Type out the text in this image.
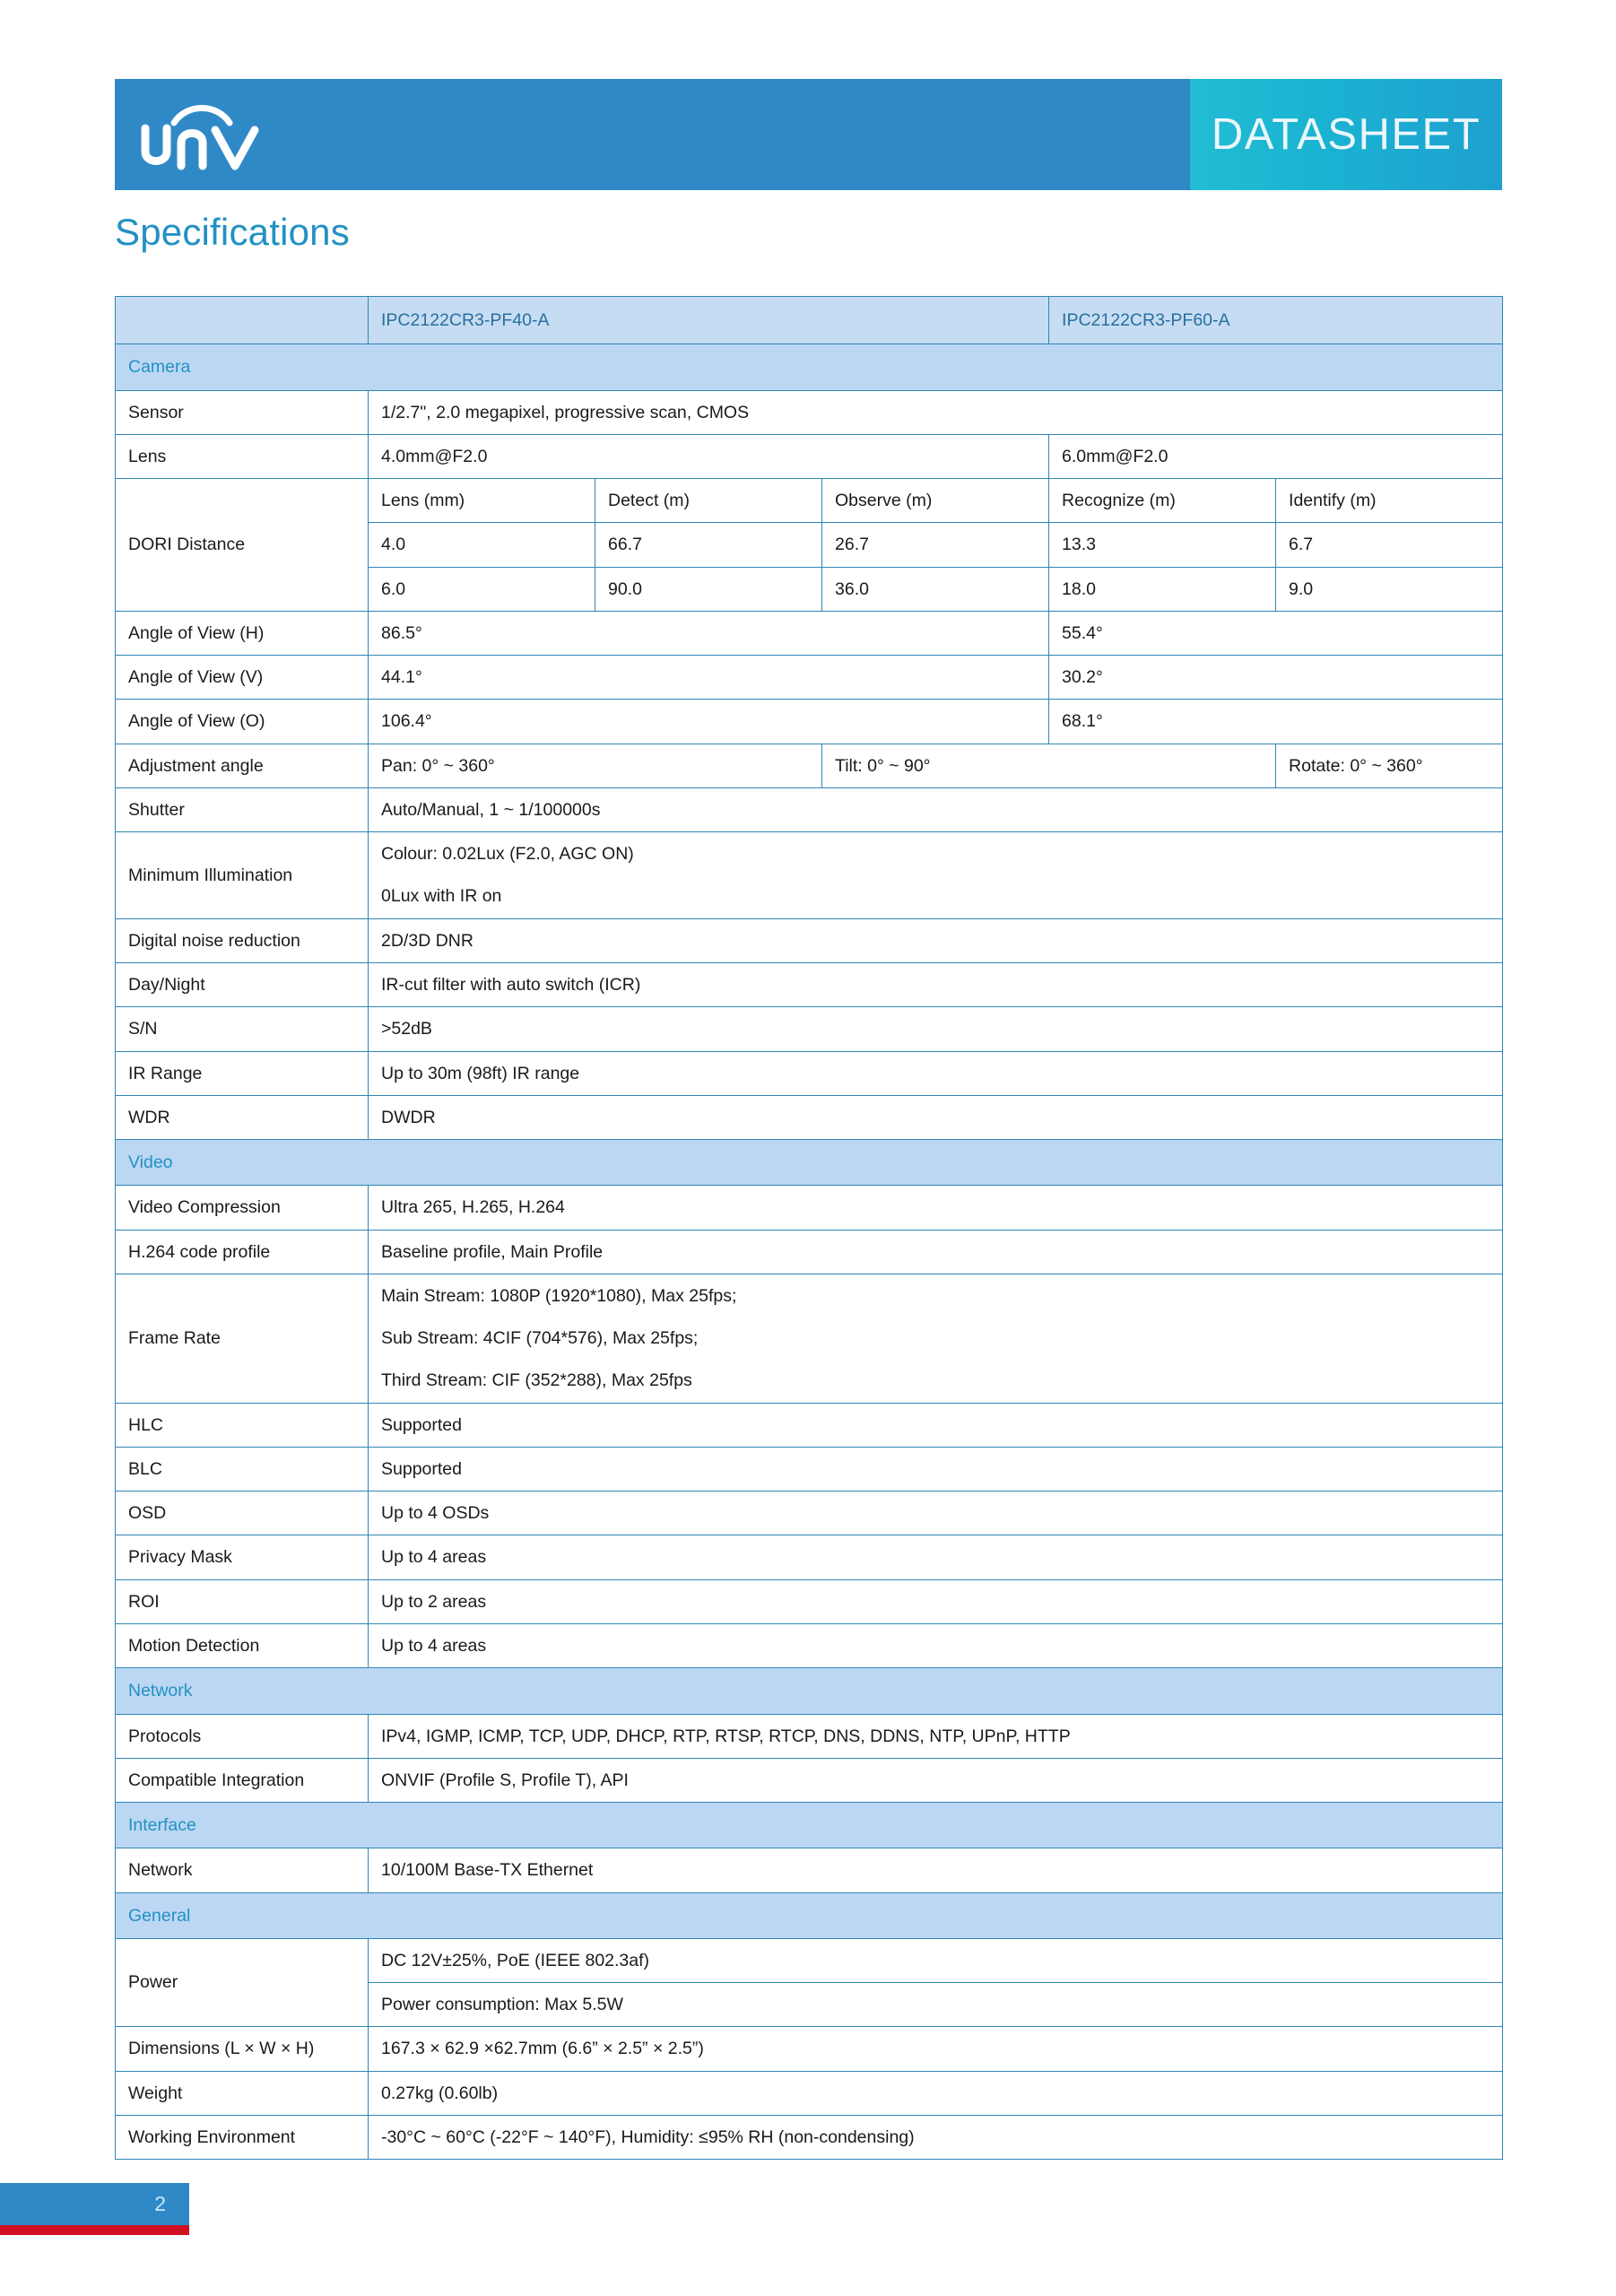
DATASHEET
Specifications
	IPC2122CR3-PF40-A			IPC2122CR3-PF60-A	
Camera					
Sensor	1/2.7", 2.0 megapixel, progressive scan, CMOS				
Lens	4.0mm@F2.0			6.0mm@F2.0	
DORI Distance	Lens (mm)	Detect (m)	Observe (m)	Recognize (m)	Identify (m)
	4.0	66.7	26.7	13.3	6.7
	6.0	90.0	36.0	18.0	9.0
Angle of View (H)	86.5°			55.4°	
Angle of View (V)	44.1°			30.2°	
Angle of View (O)	106.4°			68.1°	
Adjustment angle	Pan: 0° ~ 360°		Tilt: 0° ~ 90°		Rotate: 0° ~ 360°
Shutter	Auto/Manual, 1 ~ 1/100000s				
Minimum Illumination	Colour: 0.02Lux (F2.0, AGC ON)
0Lux with IR on				

Digital noise reduction	2D/3D DNR				
Day/Night	IR-cut filter with auto switch (ICR)				
S/N	>52dB				
IR Range	Up to 30m (98ft) IR range				
WDR	DWDR				
Video					
Video Compression	Ultra 265, H.265, H.264				
H.264 code profile	Baseline profile, Main Profile				
Frame Rate	Main Stream: 1080P (1920*1080), Max 25fps;
Sub Stream: 4CIF (704*576), Max 25fps;
Third Stream: CIF (352*288), Max 25fps				

HLC	Supported				
BLC	Supported				
OSD	Up to 4 OSDs				
Privacy Mask	Up to 4 areas				
ROI	Up to 2 areas				
Motion Detection	Up to 4 areas				
Network					
Protocols	IPv4, IGMP, ICMP, TCP, UDP, DHCP, RTP, RTSP, RTCP, DNS, DDNS, NTP, UPnP, HTTP				
Compatible Integration	ONVIF (Profile S, Profile T), API				
Interface					
Network	10/100M Base-TX Ethernet				
General					
Power	DC 12V±25%, PoE (IEEE 802.3af)				
	Power consumption: Max 5.5W				
Dimensions (L × W × H)	167.3 × 62.9 ×62.7mm (6.6” × 2.5” × 2.5”)				
Weight	0.27kg (0.60lb)				
Working Environment	-30°C ~ 60°C (-22°F ~ 140°F), Humidity: ≤95% RH (non-condensing)				
2
